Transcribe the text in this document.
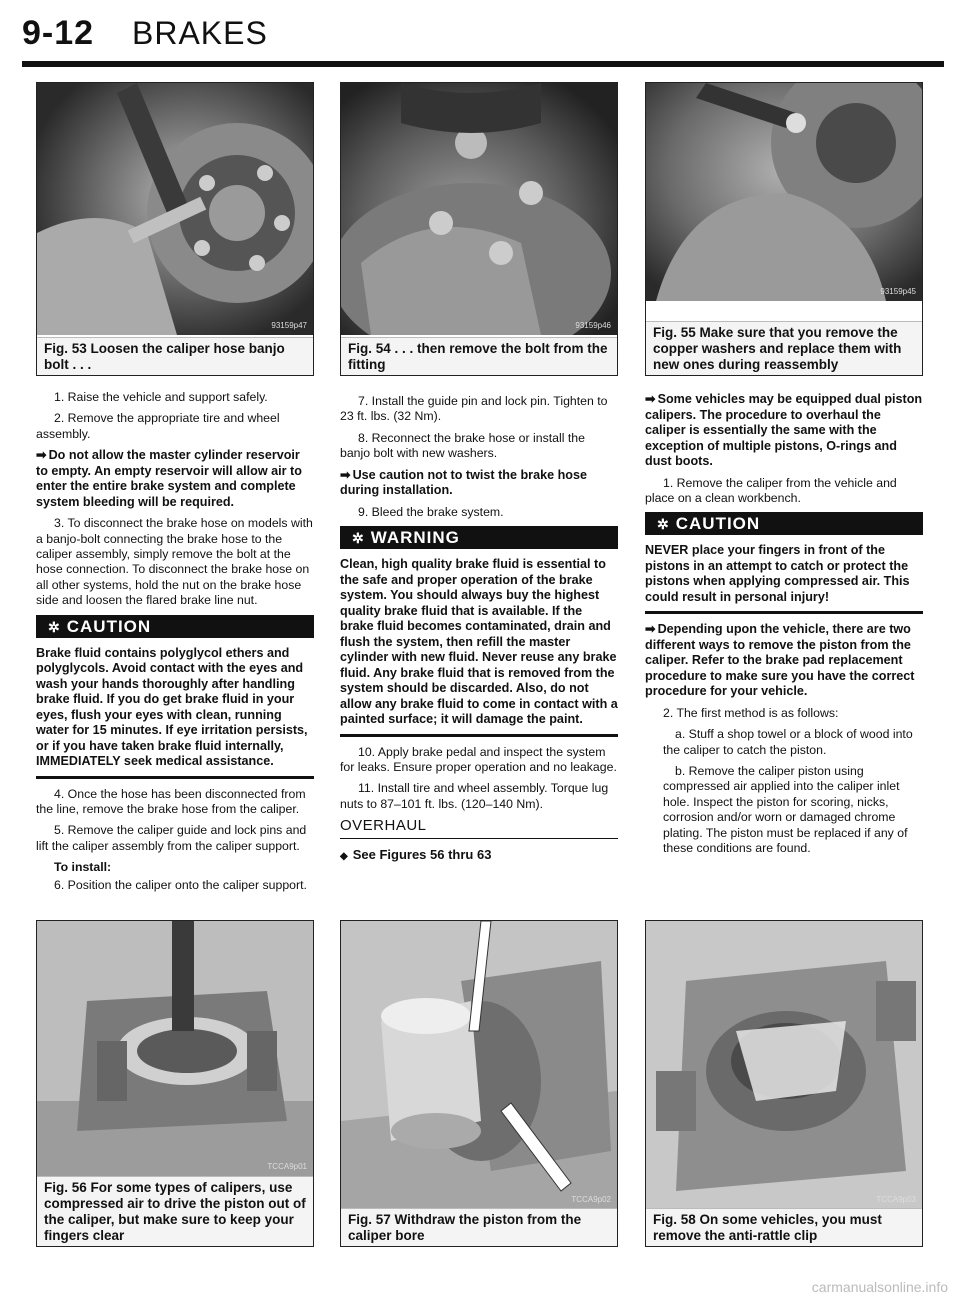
9-12 BRAKES
93159p47
Fig. 53 Loosen the caliper hose banjo bolt . . .
93159p46
Fig. 54 . . . then remove the bolt from the fitting
93159p45
Fig. 55 Make sure that you remove the copper washers and replace them with new ones during reassembly

1. Raise the vehicle and support safely.

2. Remove the appropriate tire and wheel assembly.

➡ Do not allow the master cylinder reservoir to empty. An empty reservoir will allow air to enter the entire brake system and complete system bleeding will be required.

3. To disconnect the brake hose on models with a banjo-bolt connecting the brake hose to the caliper assembly, simply remove the bolt at the hose connection. To disconnect the brake hose on all other systems, hold the nut on the brake hose side and loosen the flared brake line nut.

✲ CAUTION

Brake fluid contains polyglycol ethers and polyglycols. Avoid contact with the eyes and wash your hands thoroughly after handling brake fluid. If you do get brake fluid in your eyes, flush your eyes with clean, running water for 15 minutes. If eye irritation persists, or if you have taken brake fluid internally, IMMEDIATELY seek medical assistance.

4. Once the hose has been disconnected from the line, remove the brake hose from the caliper.

5. Remove the caliper guide and lock pins and lift the caliper assembly from the caliper support.

To install:

6. Position the caliper onto the caliper support.

7. Install the guide pin and lock pin. Tighten to 23 ft. lbs. (32 Nm).

8. Reconnect the brake hose or install the banjo bolt with new washers.

➡ Use caution not to twist the brake hose during installation.

9. Bleed the brake system.

✲ WARNING

Clean, high quality brake fluid is essential to the safe and proper operation of the brake system. You should always buy the highest quality brake fluid that is available. If the brake fluid becomes contaminated, drain and flush the system, then refill the master cylinder with new fluid. Never reuse any brake fluid. Any brake fluid that is removed from the system should be discarded. Also, do not allow any brake fluid to come in contact with a painted surface; it will damage the paint.

10. Apply brake pedal and inspect the system for leaks. Ensure proper operation and no leakage.

11. Install tire and wheel assembly. Torque lug nuts to 87–101 ft. lbs. (120–140 Nm).

OVERHAUL
◆ See Figures 56 thru 63

➡ Some vehicles may be equipped dual piston calipers. The procedure to overhaul the caliper is essentially the same with the exception of multiple pistons, O-rings and dust boots.

1. Remove the caliper from the vehicle and place on a clean workbench.

✲ CAUTION

NEVER place your fingers in front of the pistons in an attempt to catch or protect the pistons when applying compressed air. This could result in personal injury!

➡ Depending upon the vehicle, there are two different ways to remove the piston from the caliper. Refer to the brake pad replacement procedure to make sure you have the correct procedure for your vehicle.

2. The first method is as follows:

a. Stuff a shop towel or a block of wood into the caliper to catch the piston.

b. Remove the caliper piston using compressed air applied into the caliper inlet hole. Inspect the piston for scoring, nicks, corrosion and/or worn or damaged chrome plating. The piston must be replaced if any of these conditions are found.

TCCA9p01
Fig. 56 For some types of calipers, use compressed air to drive the piston out of the caliper, but make sure to keep your fingers clear
TCCA9p02
Fig. 57 Withdraw the piston from the caliper bore
TCCA9p03
Fig. 58 On some vehicles, you must remove the anti-rattle clip
carmanualsonline.info
